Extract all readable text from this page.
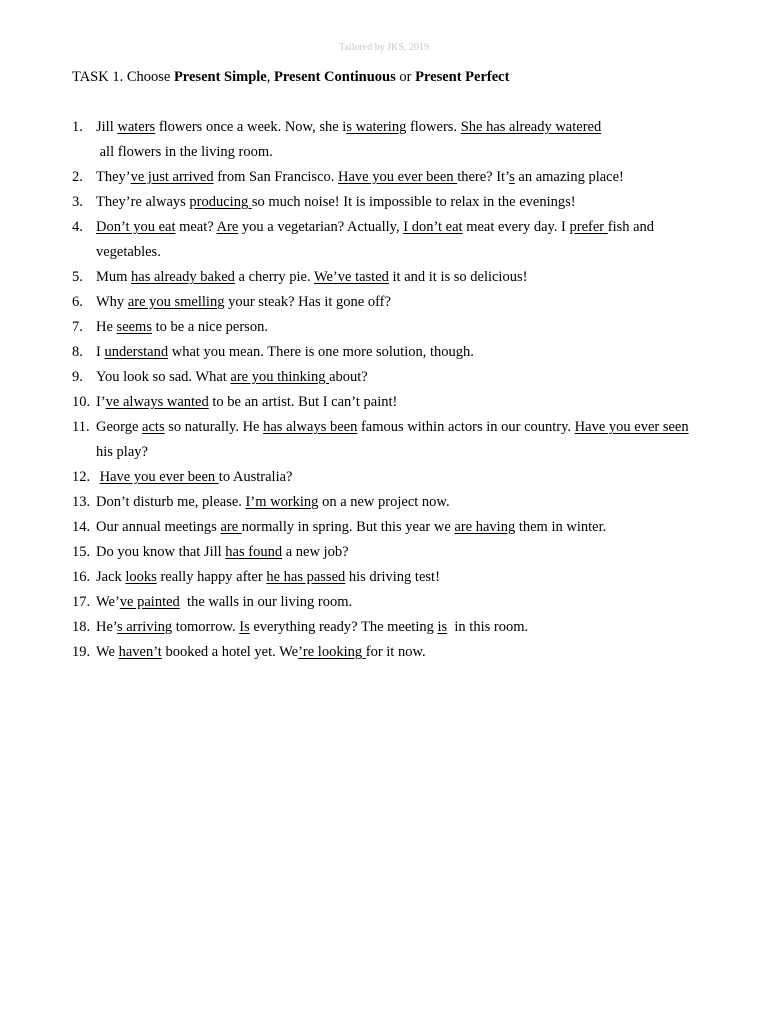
Tailored by JKS, 2019
TASK 1. Choose Present Simple, Present Continuous or Present Perfect
1. Jill waters flowers once a week. Now, she is watering flowers. She has already watered all flowers in the living room.
2. They’ve just arrived from San Francisco. Have you ever been there? It’s an amazing place!
3. They’re always producing so much noise! It is impossible to relax in the evenings!
4. Don’t you eat meat? Are you a vegetarian? Actually, I don’t eat meat every day. I prefer fish and vegetables.
5. Mum has already baked a cherry pie. We’ve tasted it and it is so delicious!
6. Why are you smelling your steak? Has it gone off?
7. He seems to be a nice person.
8. I understand what you mean. There is one more solution, though.
9. You look so sad. What are you thinking about?
10. I’ve always wanted to be an artist. But I can’t paint!
11. George acts so naturally. He has always been famous within actors in our country. Have you ever seen his play?
12. Have you ever been to Australia?
13. Don’t disturb me, please. I’m working on a new project now.
14. Our annual meetings are normally in spring. But this year we are having them in winter.
15. Do you know that Jill has found a new job?
16. Jack looks really happy after he has passed his driving test!
17. We’ve painted  the walls in our living room.
18. He’s arriving tomorrow. Is everything ready? The meeting is  in this room.
19. We haven’t booked a hotel yet. We’re looking for it now.
